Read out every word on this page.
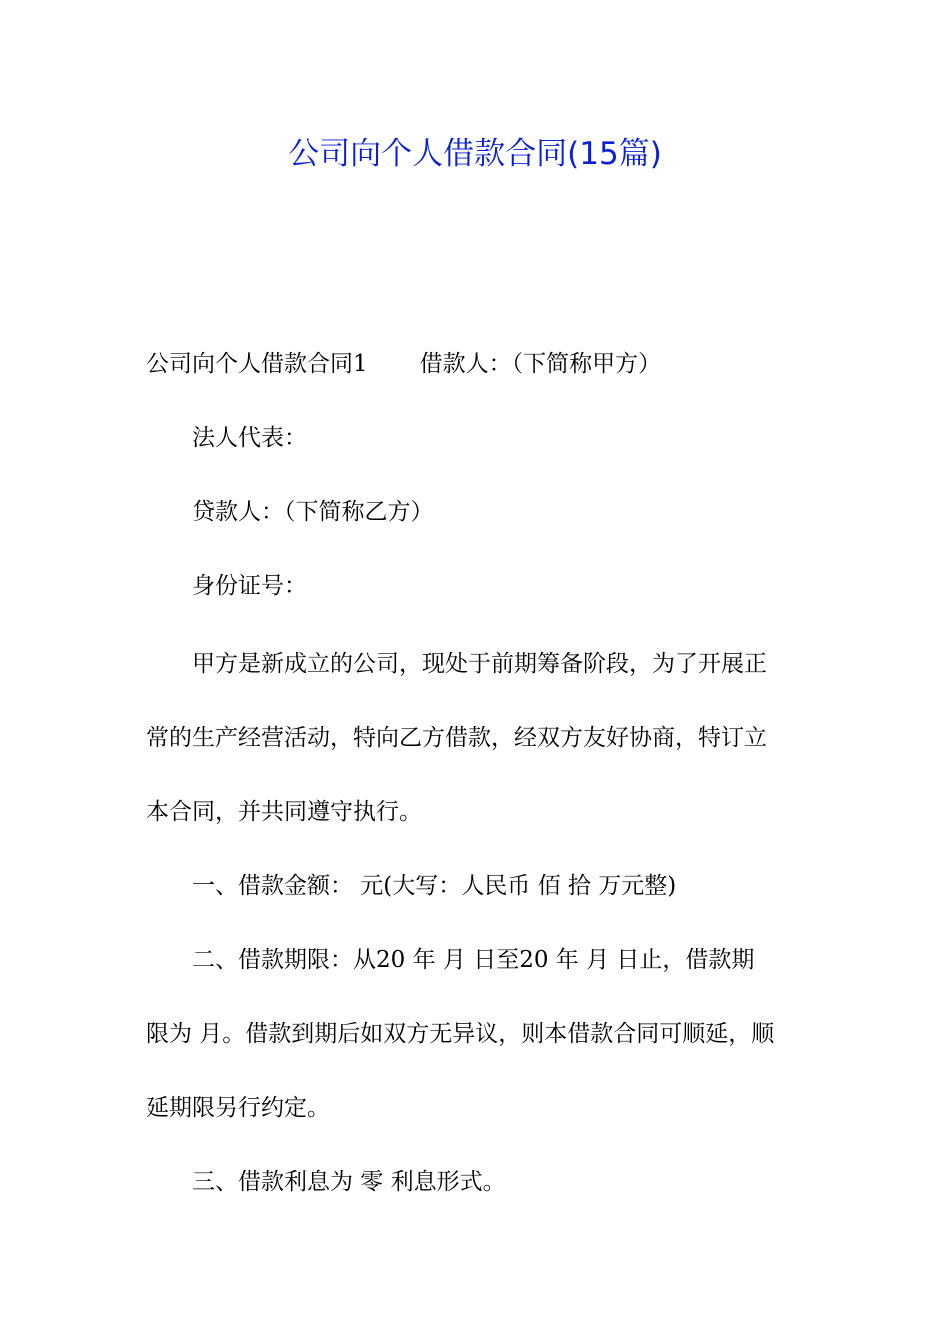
公司向个人借款合同(15篇)
公司向个人借款合同1 借款人：（下简称甲方）
法人代表：
贷款人：（下简称乙方）
身份证号：
甲方是新成立的公司，现处于前期筹备阶段，为了开展正
常的生产经营活动，特向乙方借款，经双方友好协商，特订立
本合同，并共同遵守执行。
一、借款金额： 元(大写：人民币 佰 拾 万元整)
二、借款期限：从20 年 月 日至20 年 月 日止，借款期
限为 月。借款到期后如双方无异议，则本借款合同可顺延，顺
延期限另行约定。
三、借款利息为 零 利息形式。
